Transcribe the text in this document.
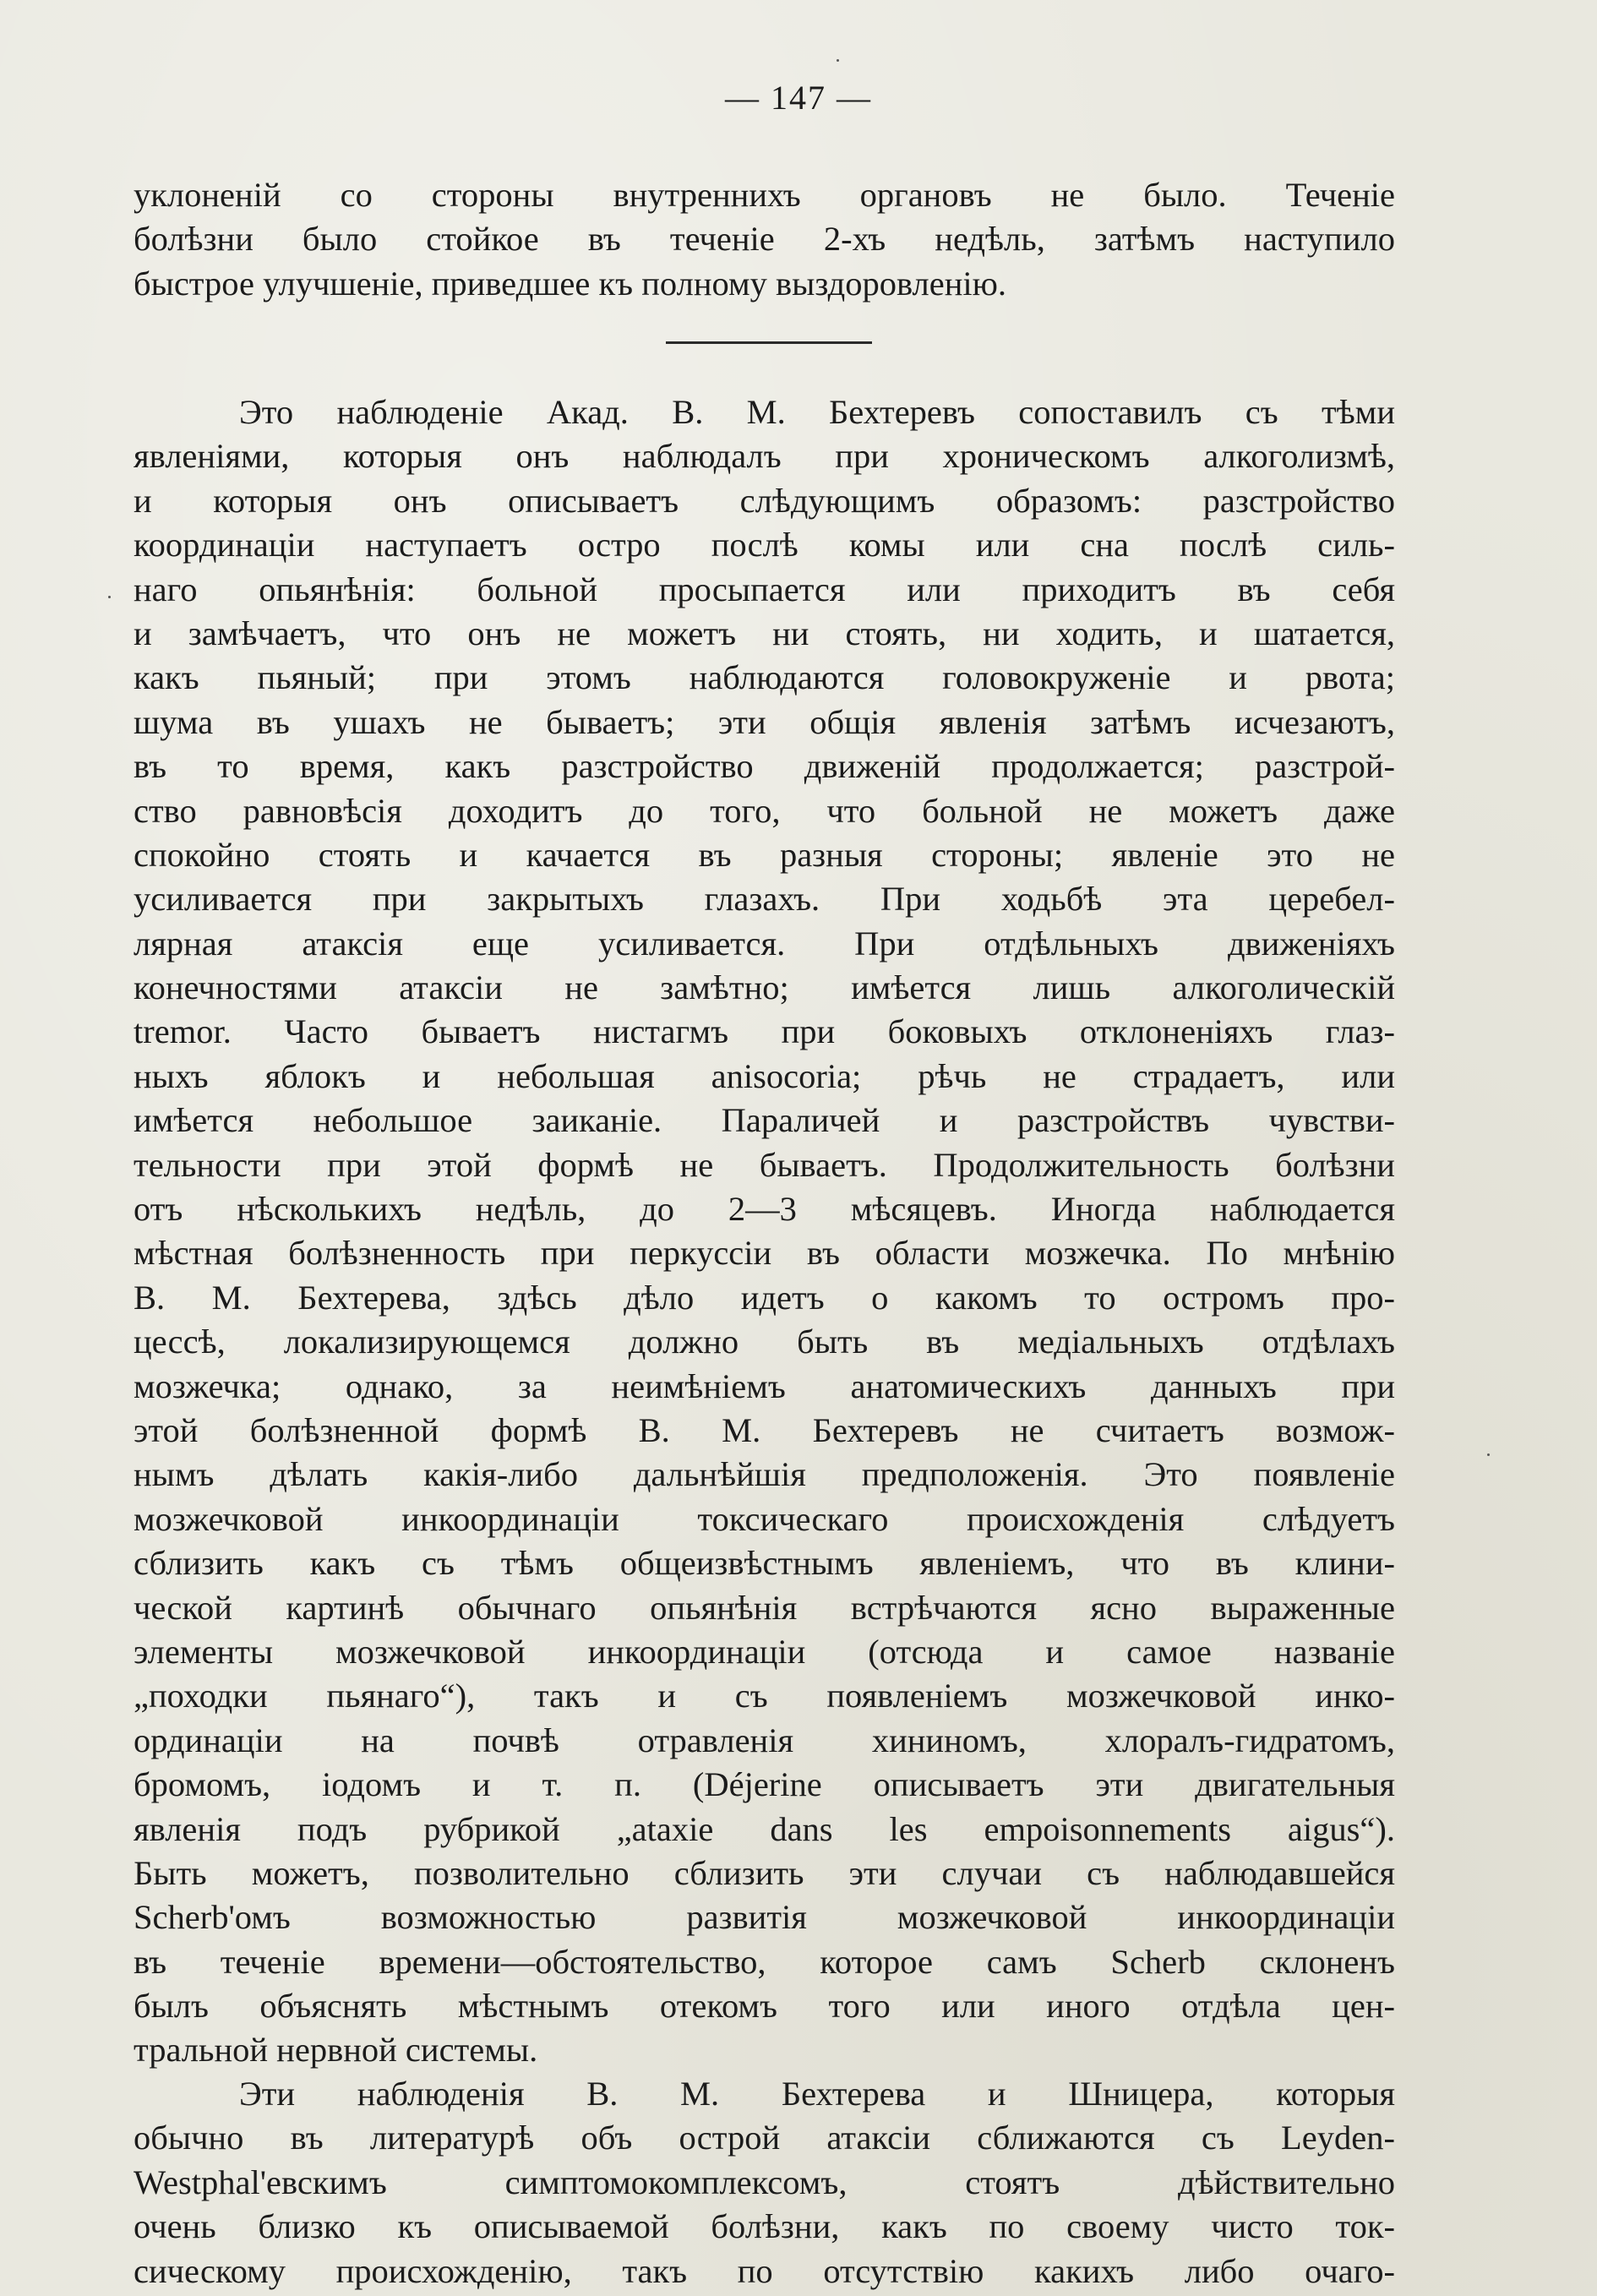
— 147 —
уклоненій со стороны внутреннихъ органовъ не было. Теченіе
болѣзни было стойкое въ теченіе 2-хъ недѣль, затѣмъ наступило
быстрое улучшеніе, приведшее къ полному выздоровленію.
Это наблюденіе Акад. В. М. Бехтеревъ сопоставилъ съ тѣми
явленіями, которыя онъ наблюдалъ при хроническомъ алкоголизмѣ,
и которыя онъ описываетъ слѣдующимъ образомъ: разстройство
координаціи наступаетъ остро послѣ комы или сна послѣ силь-
наго опьянѣнія: больной просыпается или приходитъ въ себя
и замѣчаетъ, что онъ не можетъ ни стоять, ни ходить, и шатается,
какъ пьяный; при этомъ наблюдаются головокруженіе и рвота;
шума въ ушахъ не бываетъ; эти общія явленія затѣмъ исчезаютъ,
въ то время, какъ разстройство движеній продолжается; разстрой-
ство равновѣсія доходитъ до того, что больной не можетъ даже
спокойно стоять и качается въ разныя стороны; явленіе это не
усиливается при закрытыхъ глазахъ. При ходьбѣ эта церебел-
лярная атаксія еще усиливается. При отдѣльныхъ движеніяхъ
конечностями атаксіи не замѣтно; имѣется лишь алкоголическій
tremor. Часто бываетъ нистагмъ при боковыхъ отклоненіяхъ глаз-
ныхъ яблокъ и небольшая anisocoria; рѣчь не страдаетъ, или
имѣется небольшое заиканіе. Параличей и разстройствъ чувстви-
тельности при этой формѣ не бываетъ. Продолжительность болѣзни
отъ нѣсколькихъ недѣль, до 2—3 мѣсяцевъ. Иногда наблюдается
мѣстная болѣзненность при перкуссіи въ области мозжечка. По мнѣнію
В. М. Бехтерева, здѣсь дѣло идетъ о какомъ то остромъ про-
цессѣ, локализирующемся должно быть въ медіальныхъ отдѣлахъ
мозжечка; однако, за неимѣніемъ анатомическихъ данныхъ при
этой болѣзненной формѣ В. М. Бехтеревъ не считаетъ возмож-
нымъ дѣлать какія-либо дальнѣйшія предположенія. Это появленіе
мозжечковой инкоординаціи токсическаго происхожденія слѣдуетъ
сблизить какъ съ тѣмъ общеизвѣстнымъ явленіемъ, что въ клини-
ческой картинѣ обычнаго опьянѣнія встрѣчаются ясно выраженные
элементы мозжечковой инкоординаціи (отсюда и самое названіе
„походки пьянаго“), такъ и съ появленіемъ мозжечковой инко-
ординаціи на почвѣ отравленія хининомъ, хлоралъ-гидратомъ,
бромомъ, іодомъ и т. п. (Déjerine описываетъ эти двигательныя
явленія подъ рубрикой „ataxie dans les empoisonnements aigus“).
Быть можетъ, позволительно сблизить эти случаи съ наблюдавшейся
Scherb'омъ возможностью развитія мозжечковой инкоординаціи
въ теченіе времени—обстоятельство, которое самъ Scherb склоненъ
былъ объяснять мѣстнымъ отекомъ того или иного отдѣла цен-
тральной нервной системы.
Эти наблюденія В. М. Бехтерева и Шницера, которыя
обычно въ литературѣ объ острой атаксіи сближаются съ Leyden-
Westphal'евскимъ симптомокомплексомъ, стоятъ дѣйствительно
очень близко къ описываемой болѣзни, какъ по своему чисто ток-
сическому происхожденію, такъ по отсутствію какихъ либо очаго-
